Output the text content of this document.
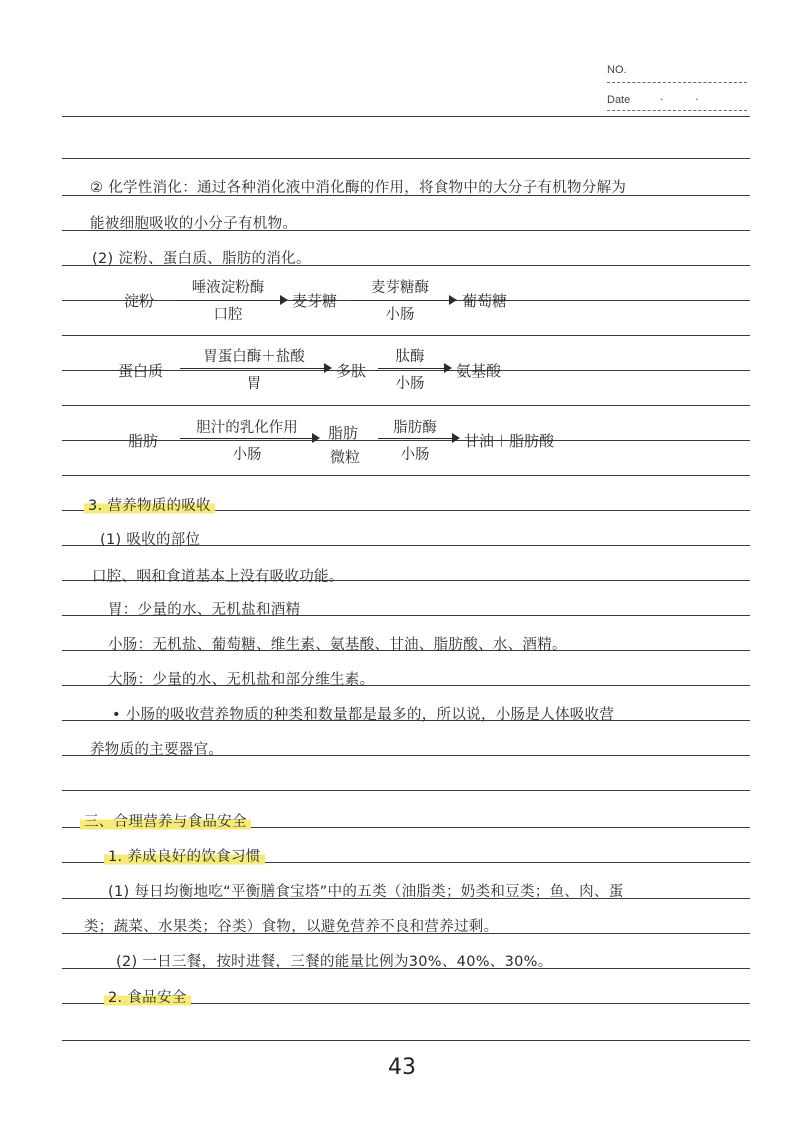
NO.
Date	· ·
② 化学性消化：通过各种消化液中消化酶的作用，将食物中的大分子有机物分解为
能被细胞吸收的小分子有机物。
(2) 淀粉、蛋白质、脂肪的消化。
淀粉
唾液淀粉酶
口腔
麦芽糖
麦芽糖酶
小肠
葡萄糖
蛋白质
胃蛋白酶＋盐酸
胃
多肽
肽酶
小肠
氨基酸
脂肪
胆汁的乳化作用
小肠
脂肪
微粒
脂肪酶
小肠
甘油＋脂肪酸
3. 营养物质的吸收
(1) 吸收的部位
口腔、咽和食道基本上没有吸收功能。
胃：少量的水、无机盐和酒精
小肠：无机盐、葡萄糖、维生素、氨基酸、甘油、脂肪酸、水、酒精。
大肠：少量的水、无机盐和部分维生素。
• 小肠的吸收营养物质的种类和数量都是最多的，所以说，小肠是人体吸收营
养物质的主要器官。
三、合理营养与食品安全
1. 养成良好的饮食习惯
(1) 每日均衡地吃“平衡膳食宝塔”中的五类（油脂类；奶类和豆类；鱼、肉、蛋
类；蔬菜、水果类；谷类）食物，以避免营养不良和营养过剩。
(2) 一日三餐，按时进餐，三餐的能量比例为30%、40%、30%。
2. 食品安全
43
